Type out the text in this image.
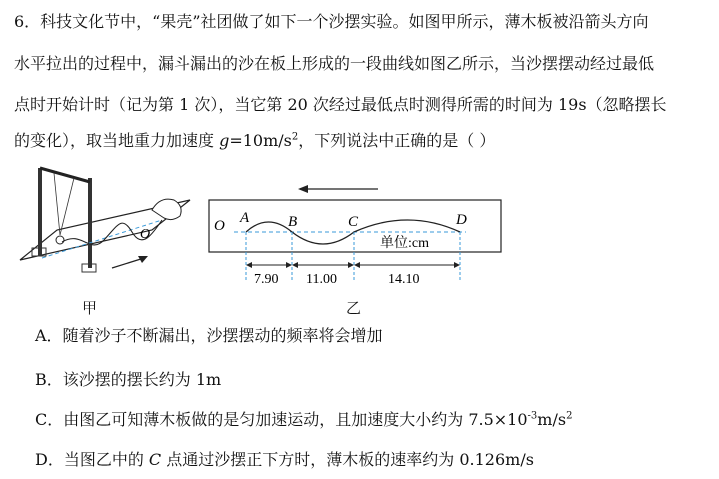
6．科技文化节中，“果壳”社团做了如下一个沙摆实验。如图甲所示，薄木板被沿箭头方向
水平拉出的过程中，漏斗漏出的沙在板上形成的一段曲线如图乙所示，当沙摆摆动经过最低
点时开始计时（记为第 1 次），当它第 20 次经过最低点时测得所需的时间为 19s（忽略摆长
的变化），取当地重力加速度 $g=10m/s^2$，下列说法中正确的是（ ）
O
甲
O A	B	C	D
单位:cm
7.90 11.00	14.10
乙
A．随着沙子不断漏出，沙摆摆动的频率将会增加
B．该沙摆的摆长约为 1m
C．由图乙可知薄木板做的是匀加速运动，且加速度大小约为 $7.5\times 10^{-3}m/s^2$
D．当图乙中的 C 点通过沙摆正下方时，薄木板的速率约为 0.126m/s
